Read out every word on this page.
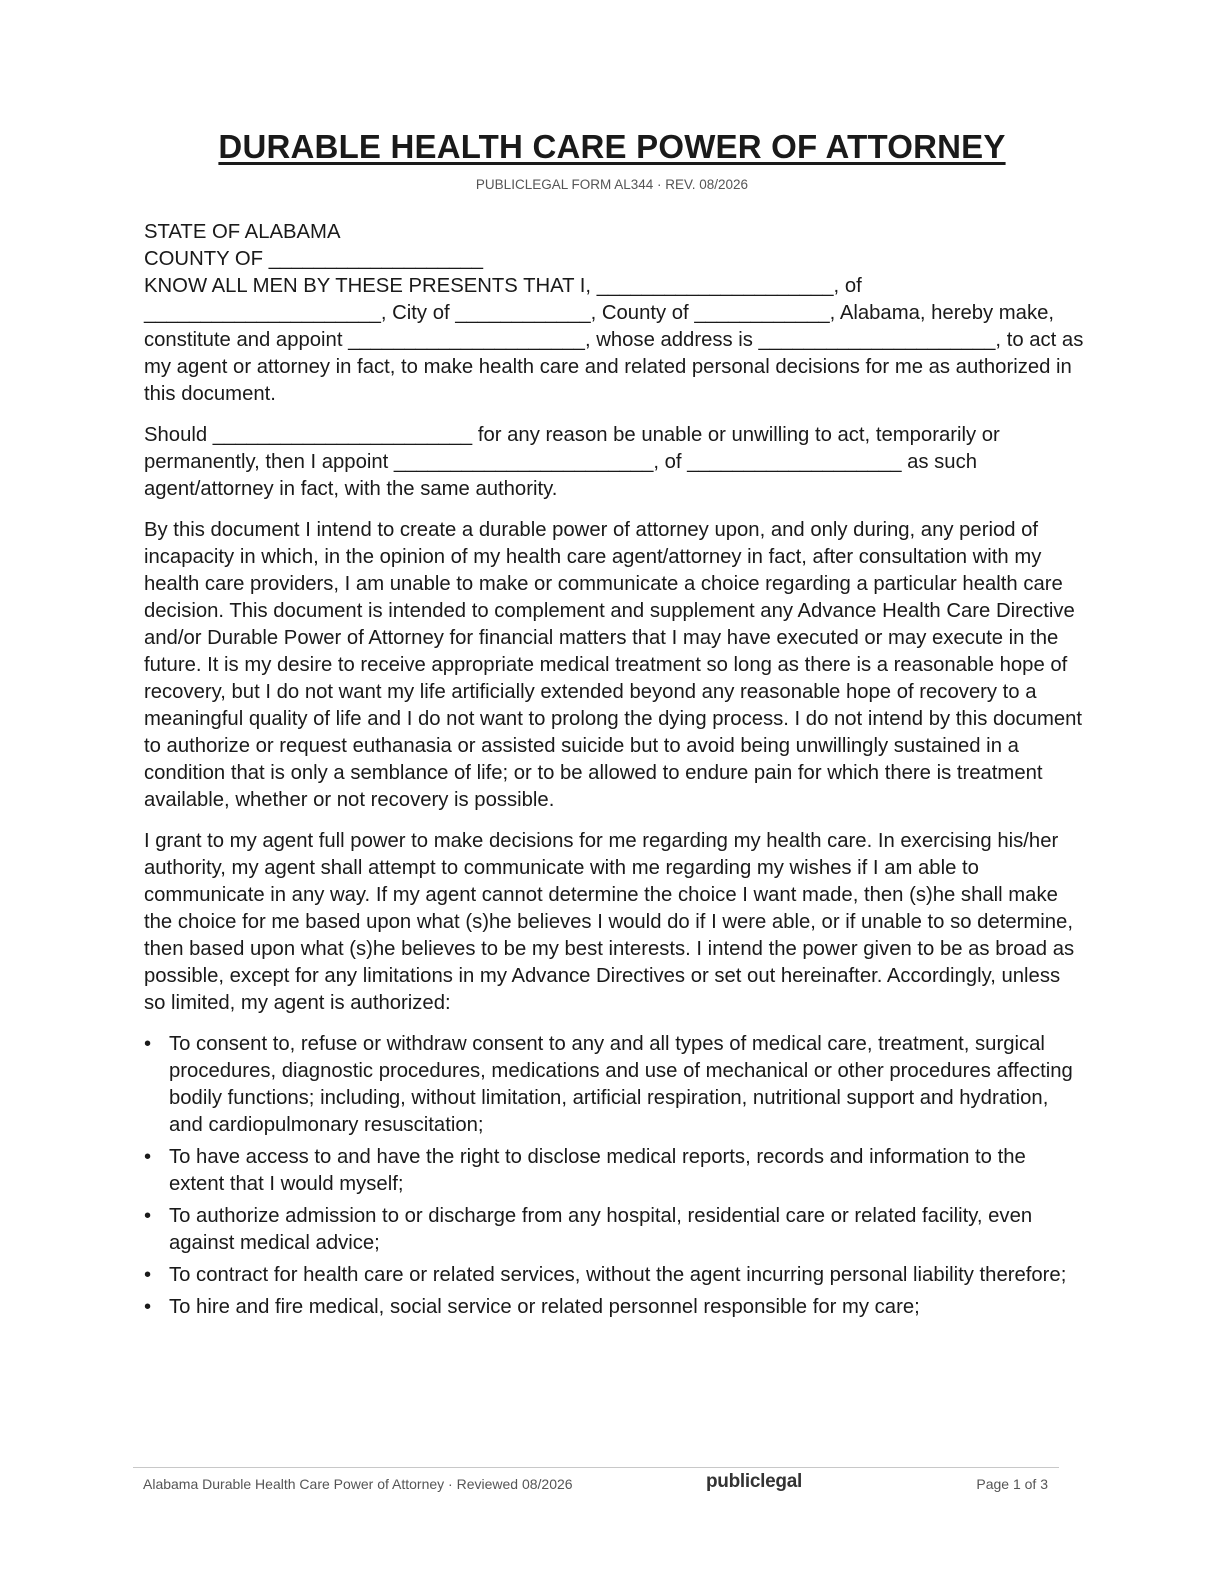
DURABLE HEALTH CARE POWER OF ATTORNEY

PUBLICLEGAL FORM AL344 · REV. 08/2026

STATE OF ALABAMA

COUNTY OF ___________________

KNOW ALL MEN BY THESE PRESENTS THAT I, _____________________, of _____________________, City of ____________, County of ____________, Alabama, hereby make, constitute and appoint _____________________, whose address is _____________________, to act as my agent or attorney in fact, to make health care and related personal decisions for me as authorized in this document.

Should _______________________ for any reason be unable or unwilling to act, temporarily or permanently, then I appoint _______________________, of ___________________ as such agent/attorney in fact, with the same authority.

By this document I intend to create a durable power of attorney upon, and only during, any period of incapacity in which, in the opinion of my health care agent/attorney in fact, after consultation with my health care providers, I am unable to make or communicate a choice regarding a particular health care decision. This document is intended to complement and supplement any Advance Health Care Directive and/or Durable Power of Attorney for financial matters that I may have executed or may execute in the future. It is my desire to receive appropriate medical treatment so long as there is a reasonable hope of recovery, but I do not want my life artificially extended beyond any reasonable hope of recovery to a meaningful quality of life and I do not want to prolong the dying process. I do not intend by this document to authorize or request euthanasia or assisted suicide but to avoid being unwillingly sustained in a condition that is only a semblance of life; or to be allowed to endure pain for which there is treatment available, whether or not recovery is possible.

I grant to my agent full power to make decisions for me regarding my health care. In exercising his/her authority, my agent shall attempt to communicate with me regarding my wishes if I am able to communicate in any way. If my agent cannot determine the choice I want made, then (s)he shall make the choice for me based upon what (s)he believes I would do if I were able, or if unable to so determine, then based upon what (s)he believes to be my best interests. I intend the power given to be as broad as possible, except for any limitations in my Advance Directives or set out hereinafter. Accordingly, unless so limited, my agent is authorized:

• To consent to, refuse or withdraw consent to any and all types of medical care, treatment, surgical procedures, diagnostic procedures, medications and use of mechanical or other procedures affecting bodily functions; including, without limitation, artificial respiration, nutritional support and hydration, and cardiopulmonary resuscitation;
• To have access to and have the right to disclose medical reports, records and information to the extent that I would myself;
• To authorize admission to or discharge from any hospital, residential care or related facility, even against medical advice;
• To contract for health care or related services, without the agent incurring personal liability therefore;
• To hire and fire medical, social service or related personnel responsible for my care;
Alabama Durable Health Care Power of Attorney · Reviewed 08/2026	publiclegal	Page 1 of 3
